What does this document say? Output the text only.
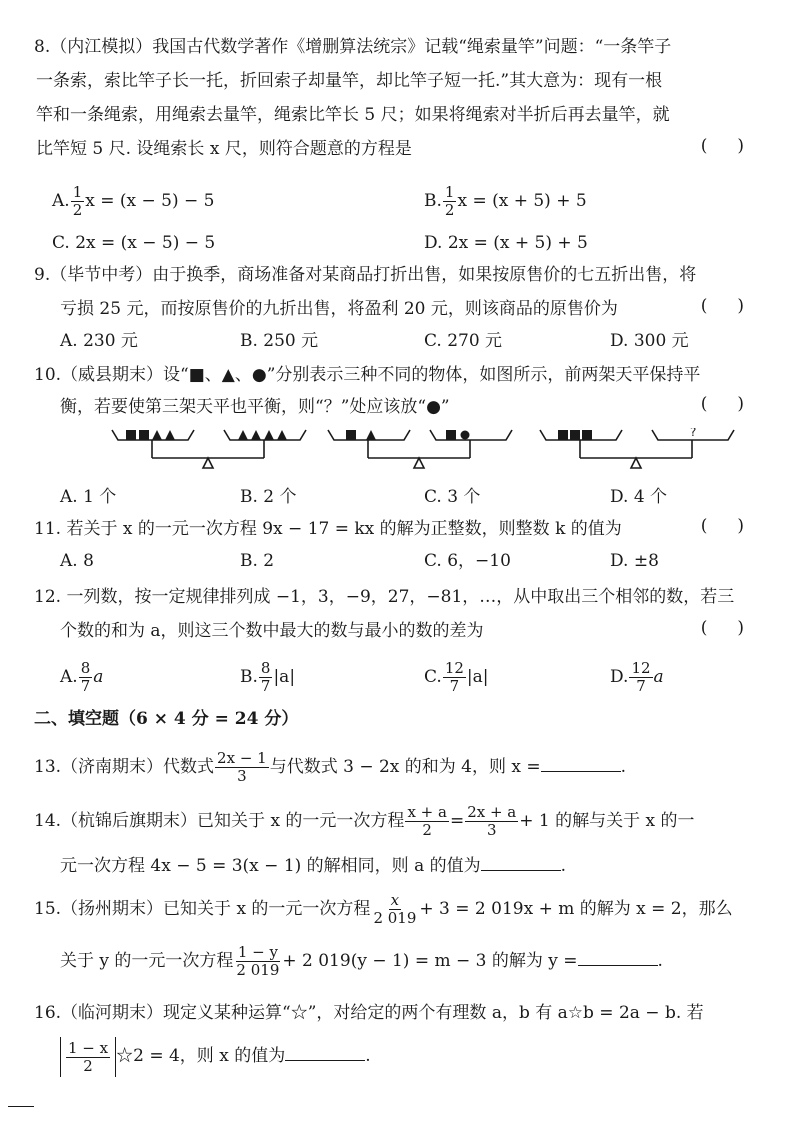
8.（内江模拟）我国古代数学著作《增删算法统宗》记载“绳索量竿”问题：“一条竿子
一条索，索比竿子长一托，折回索子却量竿，却比竿子短一托.”其大意为：现有一根
竿和一条绳索，用绳索去量竿，绳索比竿长 5 尺；如果将绳索对半折后再去量竿，就
比竿短 5 尺. 设绳索长 x 尺，则符合题意的方程是	()
A. $\frac{1}{2}$ x = (x − 5) − 5	B. $\frac{1}{2}$ x = (x + 5) + 5
C. 2x = (x − 5) − 5	D. 2x = (x + 5) + 5
9.（毕节中考）由于换季，商场准备对某商品打折出售，如果按原售价的七五折出售，将
亏损 25 元，而按原售价的九折出售，将盈利 20 元，则该商品的原售价为	()
A. 230 元	B. 250 元	C. 270 元	D. 300 元
10.（威县期末）设“■、▲、●”分别表示三种不同的物体，如图所示，前两架天平保持平
衡，若要使第三架天平也平衡，则“？”处应该放“●”	()
A. 1 个	B. 2 个	C. 3 个	D. 4 个
?
11. 若关于 x 的一元一次方程 9x − 17 = kx 的解为正整数，则整数 k 的值为	()
A. 8	B. 2	C. 6，−10	D. ±8
12. 一列数，按一定规律排列成 −1，3，−9，27，−81，…，从中取出三个相邻的数，若三
个数的和为 a，则这三个数中最大的数与最小的数的差为	()
A. $\frac{8}{7}$ a	B. $\frac{8}{7} |a|$	C. $\frac{12}{7} |a|$	D. $\frac{12}{7}$ a
二、填空题（6 × 4 分 = 24 分）
13.（济南期末）代数式 $\frac{2x - 1}{3}$ 与代数式 3 − 2x 的和为 4，则 x =	.
14.（杭锦后旗期末）已知关于 x 的一元一次方程 $\frac{x + a}{2} = \frac{2x + a}{3} + 1$ 的解与关于 x 的一
元一次方程 4x − 5 = 3(x − 1) 的解相同，则 a 的值为	.
15.（扬州期末）已知关于 x 的一元一次方程 $\frac{x}{2 019} + 3 = 2$ 019x + m 的解为 x = 2，那么
关于 y 的一元一次方程 $\frac{1 - y}{2 019} + 2$ 019(y − 1) = m − 3 的解为 y =	.
16.（临河期末）现定义某种运算“☆”，对给定的两个有理数 a，b 有 a☆b = 2a − b. 若
$\frac{1 - x}{2}$ ☆2 = 4，则 x 的值为	.
